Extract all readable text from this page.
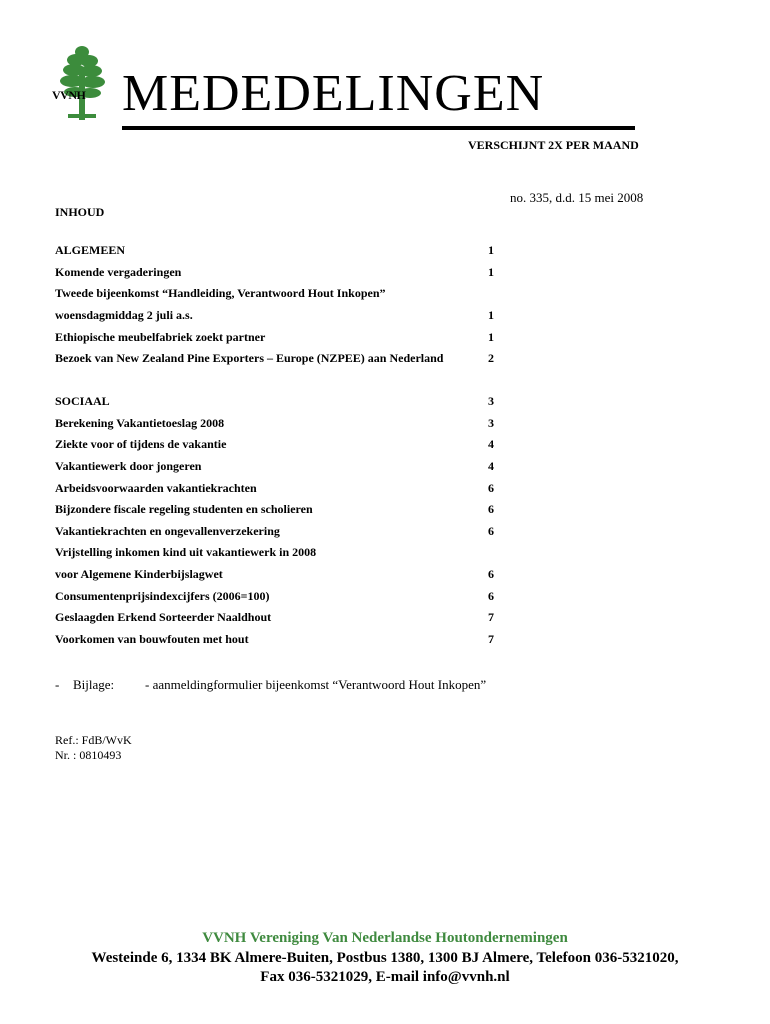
VVNH MEDEDELINGEN
VERSCHIJNT 2X PER MAAND
no. 335, d.d. 15 mei 2008
INHOUD
ALGEMEEN	1
Komende vergaderingen	1
Tweede bijeenkomst “Handleiding, Verantwoord Hout Inkopen”
woensdagmiddag 2 juli a.s.	1
Ethiopische meubelfabriek zoekt partner	1
Bezoek van New Zealand Pine Exporters – Europe (NZPEE) aan Nederland	2
SOCIAAL	3
Berekening Vakantietoeslag 2008	3
Ziekte voor of tijdens de vakantie	4
Vakantiewerk door jongeren	4
Arbeidsvoorwaarden vakantiekrachten	6
Bijzondere fiscale regeling studenten en scholieren	6
Vakantiekrachten en ongevallenverzekering	6
Vrijstelling inkomen kind uit vakantiewerk in 2008
voor Algemene Kinderbijslagwet	6
Consumentenprijsindexcijfers (2006=100)	6
Geslaagden Erkend Sorteerder Naaldhout	7
Voorkomen van bouwfouten met hout	7
- Bijlage: - aanmeldingformulier bijeenkomst “Verantwoord Hout Inkopen”
Ref.: FdB/WvK
Nr. : 0810493
VVNH Vereniging Van Nederlandse Houtondernemingen
Westeinde 6, 1334 BK Almere-Buiten, Postbus 1380, 1300 BJ Almere, Telefoon 036-5321020,
Fax 036-5321029, E-mail info@vvnh.nl
